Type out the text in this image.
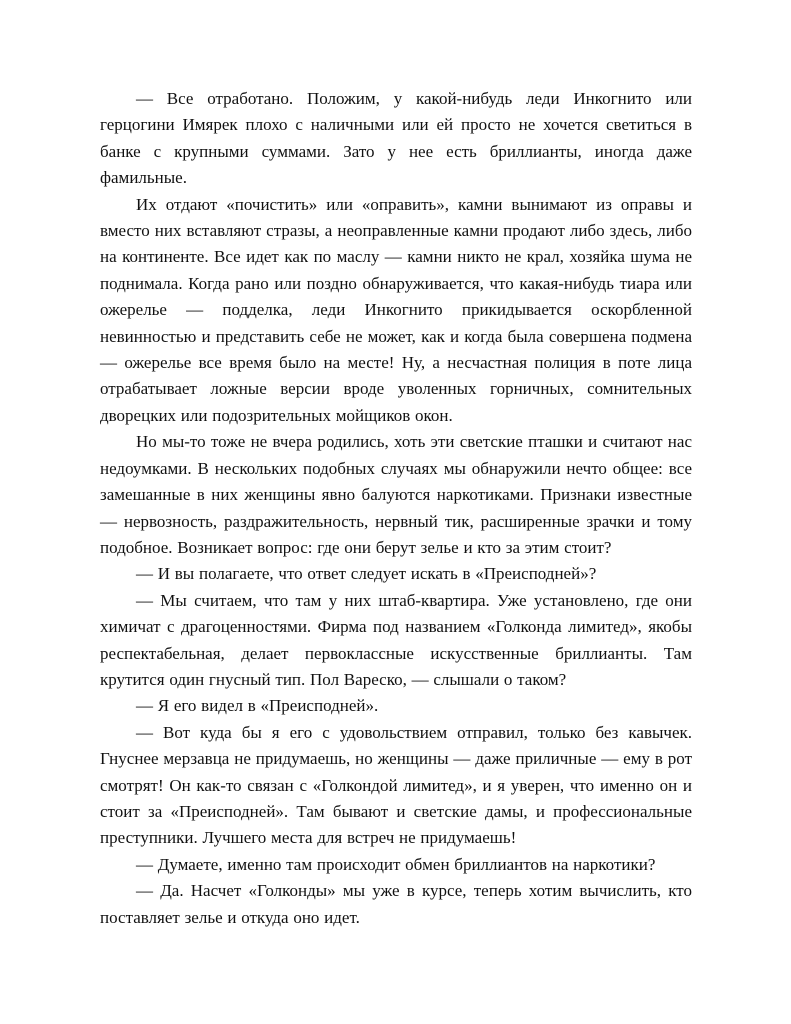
— Все отработано. Положим, у какой-нибудь леди Инкогнито или герцогини Имярек плохо с наличными или ей просто не хочется светиться в банке с крупными суммами. Зато у нее есть бриллианты, иногда даже фамильные.

Их отдают «почистить» или «оправить», камни вынимают из оправы и вместо них вставляют стразы, а неоправленные камни продают либо здесь, либо на континенте. Все идет как по маслу — камни никто не крал, хозяйка шума не поднимала. Когда рано или поздно обнаруживается, что какая-нибудь тиара или ожерелье — подделка, леди Инкогнито прикидывается оскорбленной невинностью и представить себе не может, как и когда была совершена подмена — ожерелье все время было на месте! Ну, а несчастная полиция в поте лица отрабатывает ложные версии вроде уволенных горничных, сомнительных дворецких или подозрительных мойщиков окон.

Но мы-то тоже не вчера родились, хоть эти светские пташки и считают нас недоумками. В нескольких подобных случаях мы обнаружили нечто общее: все замешанные в них женщины явно балуются наркотиками. Признаки известные — нервозность, раздражительность, нервный тик, расширенные зрачки и тому подобное. Возникает вопрос: где они берут зелье и кто за этим стоит?

— И вы полагаете, что ответ следует искать в «Преисподней»?

— Мы считаем, что там у них штаб-квартира. Уже установлено, где они химичат с драгоценностями. Фирма под названием «Голконда лимитед», якобы респектабельная, делает первоклассные искусственные бриллианты. Там крутится один гнусный тип. Пол Вареско, — слышали о таком?

— Я его видел в «Преисподней».

— Вот куда бы я его с удовольствием отправил, только без кавычек. Гнуснее мерзавца не придумаешь, но женщины — даже приличные — ему в рот смотрят! Он как-то связан с «Голкондой лимитед», и я уверен, что именно он и стоит за «Преисподней». Там бывают и светские дамы, и профессиональные преступники. Лучшего места для встреч не придумаешь!

— Думаете, именно там происходит обмен бриллиантов на наркотики?

— Да. Насчет «Голконды» мы уже в курсе, теперь хотим вычислить, кто поставляет зелье и откуда оно идет.
